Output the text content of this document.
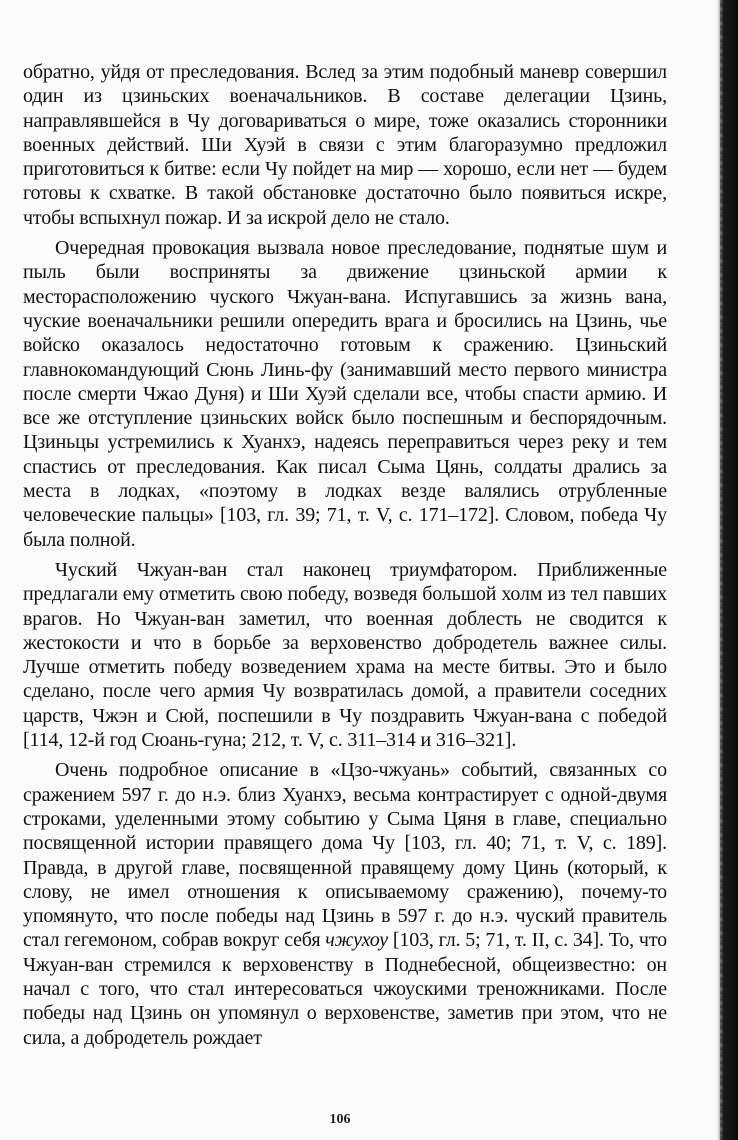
обратно, уйдя от преследования. Вслед за этим подобный маневр совершил один из цзиньских военачальников. В составе делегации Цзинь, направлявшейся в Чу договариваться о мире, тоже оказались сторонники военных действий. Ши Хуэй в связи с этим благоразумно предложил приготовиться к битве: если Чу пойдет на мир — хорошо, если нет — будем готовы к схватке. В такой обстановке достаточно было появиться искре, чтобы вспыхнул пожар. И за искрой дело не стало.

Очередная провокация вызвала новое преследование, поднятые шум и пыль были восприняты за движение цзиньской армии к месторасположению чуского Чжуан-вана. Испугавшись за жизнь вана, чуские военачальники решили опередить врага и бросились на Цзинь, чье войско оказалось недостаточно готовым к сражению. Цзиньский главнокомандующий Сюнь Линь-фу (занимавший место первого министра после смерти Чжао Дуня) и Ши Хуэй сделали все, чтобы спасти армию. И все же отступление цзиньских войск было поспешным и беспорядочным. Цзиньцы устремились к Хуанхэ, надеясь переправиться через реку и тем спастись от преследования. Как писал Сыма Цянь, солдаты дрались за места в лодках, «поэтому в лодках везде валялись отрубленные человеческие пальцы» [103, гл. 39; 71, т. V, с. 171–172]. Словом, победа Чу была полной.

Чуский Чжуан-ван стал наконец триумфатором. Приближенные предлагали ему отметить свою победу, возведя большой холм из тел павших врагов. Но Чжуан-ван заметил, что военная доблесть не сводится к жестокости и что в борьбе за верховенство добродетель важнее силы. Лучше отметить победу возведением храма на месте битвы. Это и было сделано, после чего армия Чу возвратилась домой, а правители соседних царств, Чжэн и Сюй, поспешили в Чу поздравить Чжуан-вана с победой [114, 12-й год Сюань-гуна; 212, т. V, с. 311–314 и 316–321].

Очень подробное описание в «Цзо-чжуань» событий, связанных со сражением 597 г. до н.э. близ Хуанхэ, весьма контрастирует с одной-двумя строками, уделенными этому событию у Сыма Цяня в главе, специально посвященной истории правящего дома Чу [103, гл. 40; 71, т. V, с. 189]. Правда, в другой главе, посвященной правящему дому Цинь (который, к слову, не имел отношения к описываемому сражению), почему-то упомянуто, что после победы над Цзинь в 597 г. до н.э. чуский правитель стал гегемоном, собрав вокруг себя чжухоу [103, гл. 5; 71, т. II, с. 34]. То, что Чжуан-ван стремился к верховенству в Поднебесной, общеизвестно: он начал с того, что стал интересоваться чжоускими треножниками. После победы над Цзинь он упомянул о верховенстве, заметив при этом, что не сила, а добродетель рождает

106
